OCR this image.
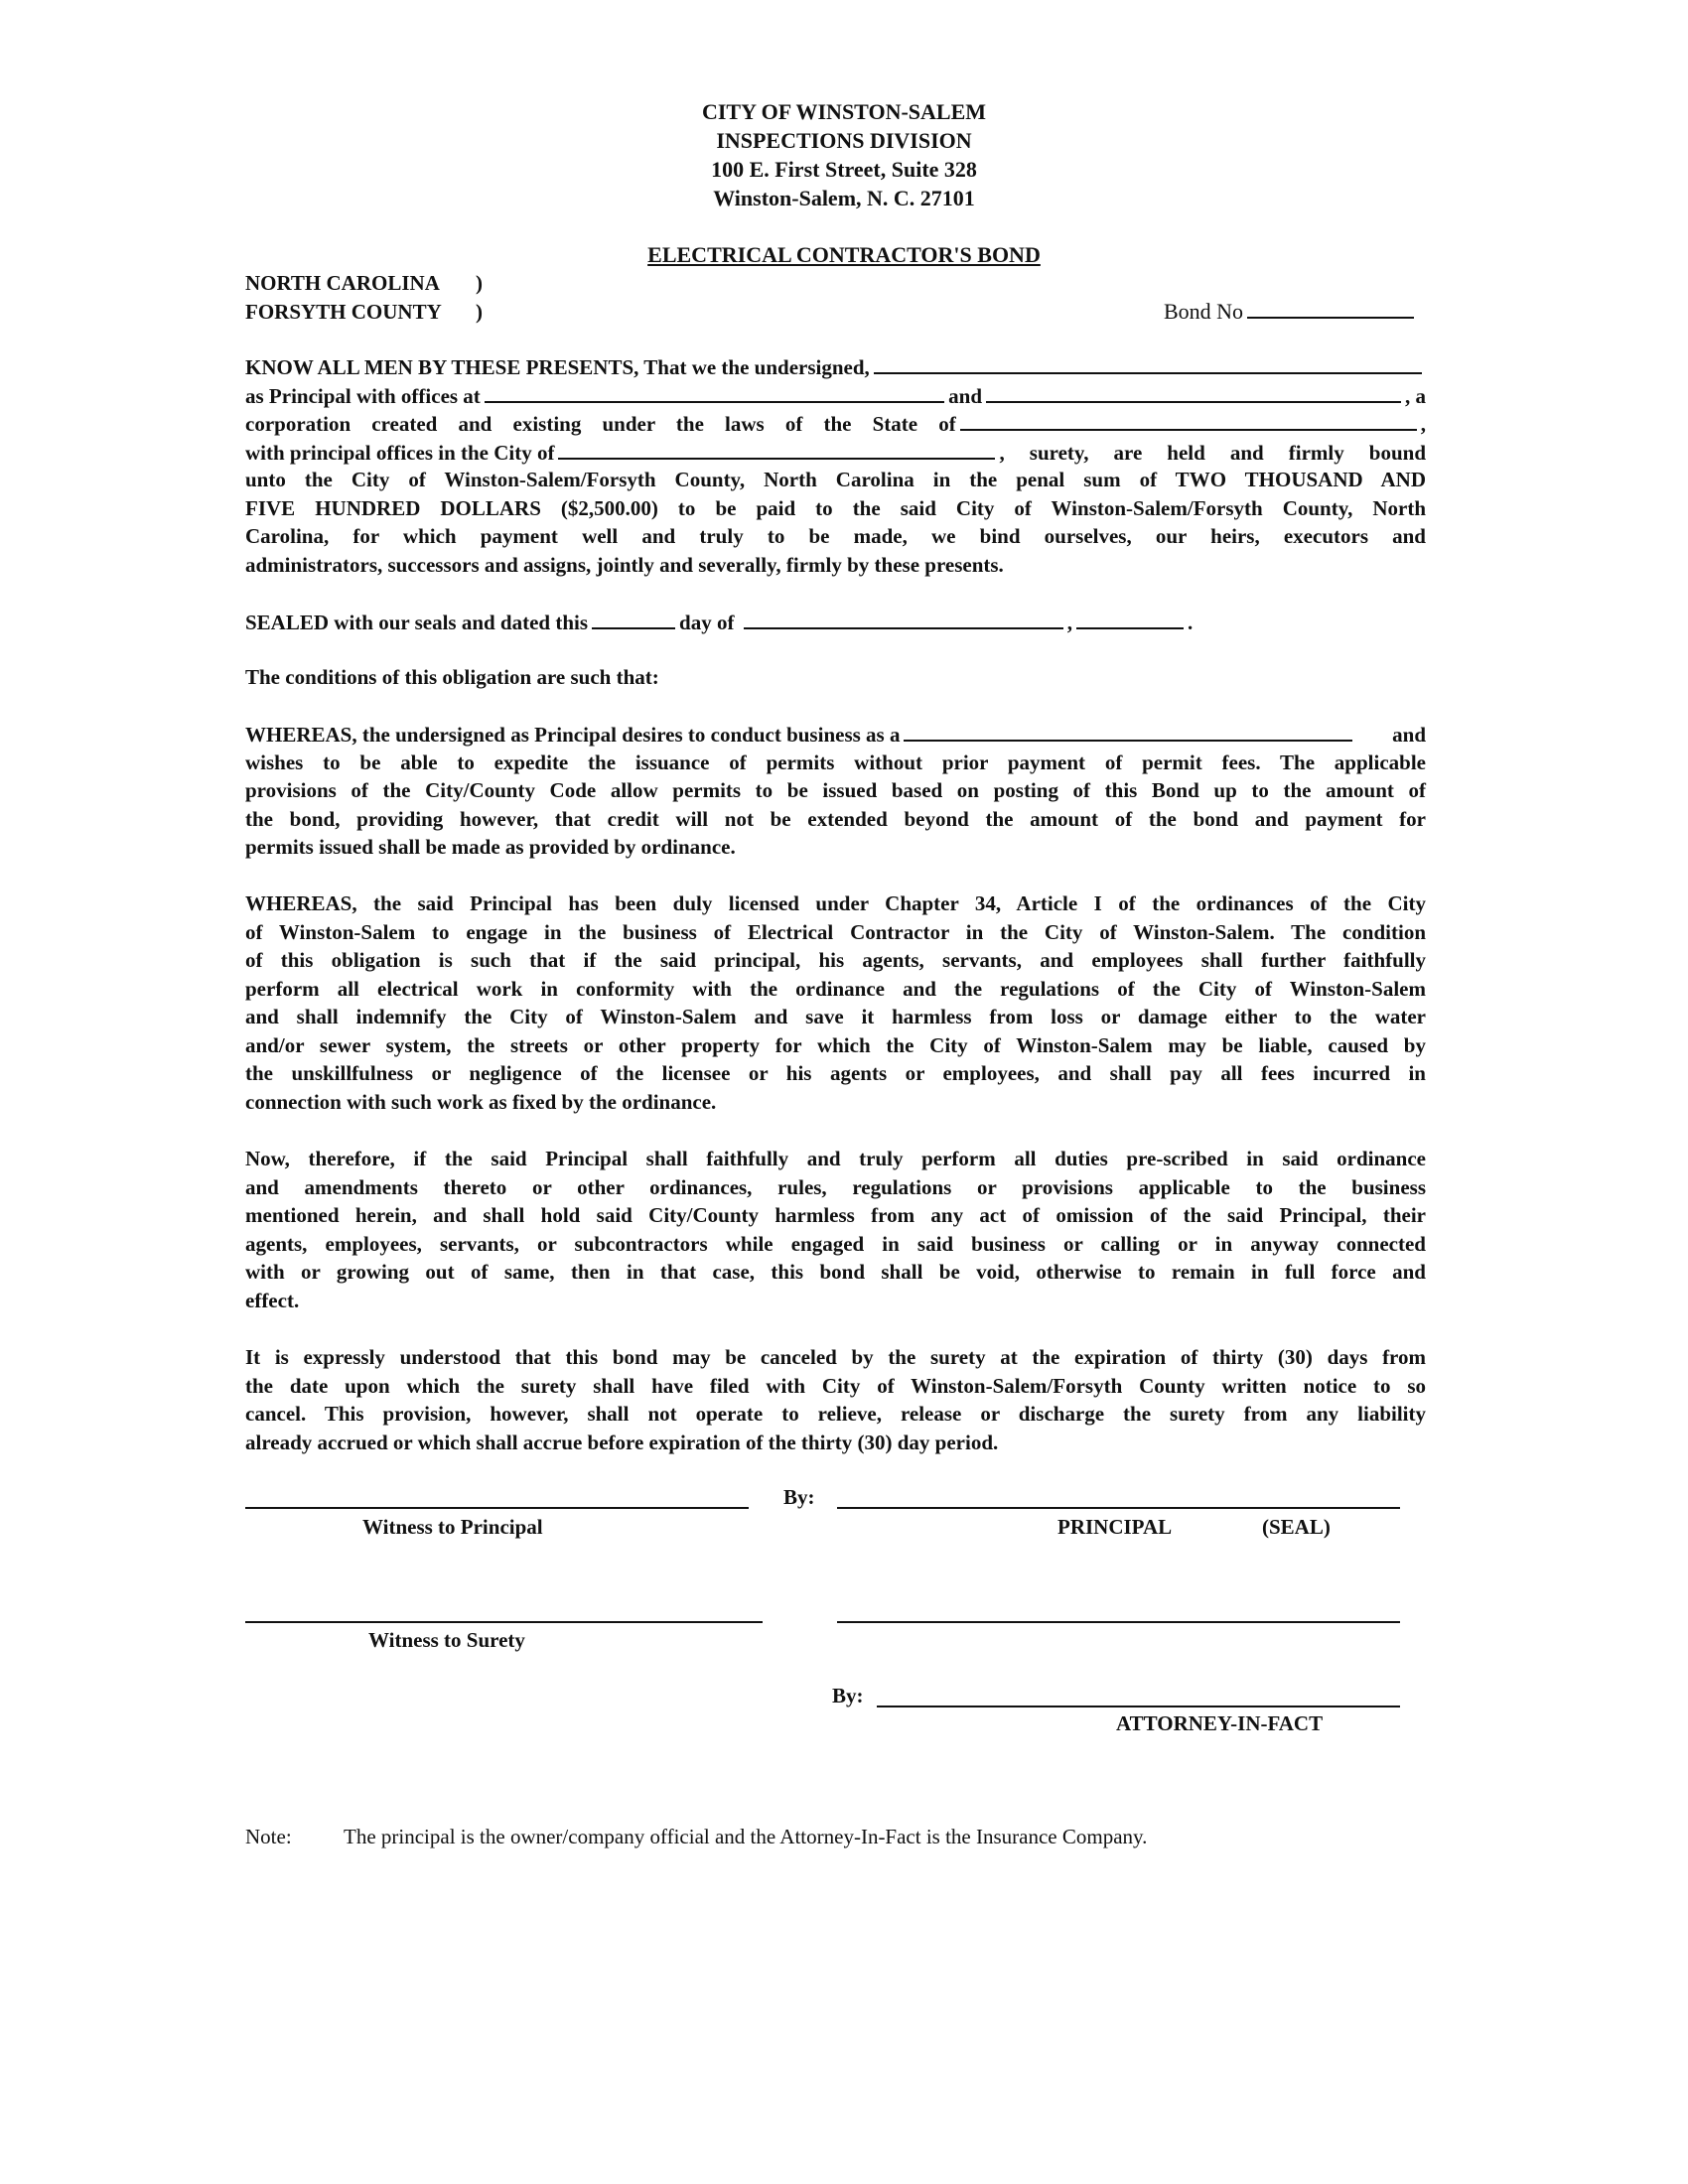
CITY OF WINSTON-SALEM
INSPECTIONS DIVISION
100 E. First Street, Suite 328
Winston-Salem, N. C. 27101
ELECTRICAL CONTRACTOR'S BOND
NORTH CAROLINA )
FORSYTH COUNTY )	Bond No
KNOW ALL MEN BY THESE PRESENTS, That we the undersigned,
as Principal with offices at	and	, a
corporation created and existing under the laws of the State of	,
with principal offices in the City of	, surety, are held and firmly bound
unto the City of Winston-Salem/Forsyth County, North Carolina in the penal sum of TWO THOUSAND AND
FIVE HUNDRED DOLLARS ($2,500.00) to be paid to the said City of Winston-Salem/Forsyth County, North
Carolina, for which payment well and truly to be made, we bind ourselves, our heirs, executors and
administrators, successors and assigns, jointly and severally, firmly by these presents.
SEALED with our seals and dated this	day of	,	.
The conditions of this obligation are such that:
WHEREAS, the undersigned as Principal desires to conduct business as a	and
wishes to be able to expedite the issuance of permits without prior payment of permit fees. The applicable
provisions of the City/County Code allow permits to be issued based on posting of this Bond up to the amount of
the bond, providing however, that credit will not be extended beyond the amount of the bond and payment for
permits issued shall be made as provided by ordinance.
WHEREAS, the said Principal has been duly licensed under Chapter 34, Article I of the ordinances of the City
of Winston-Salem to engage in the business of Electrical Contractor in the City of Winston-Salem. The condition
of this obligation is such that if the said principal, his agents, servants, and employees shall further faithfully
perform all electrical work in conformity with the ordinance and the regulations of the City of Winston-Salem
and shall indemnify the City of Winston-Salem and save it harmless from loss or damage either to the water
and/or sewer system, the streets or other property for which the City of Winston-Salem may be liable, caused by
the unskillfulness or negligence of the licensee or his agents or employees, and shall pay all fees incurred in
connection with such work as fixed by the ordinance.
Now, therefore, if the said Principal shall faithfully and truly perform all duties pre-scribed in said ordinance
and amendments thereto or other ordinances, rules, regulations or provisions applicable to the business
mentioned herein, and shall hold said City/County harmless from any act of omission of the said Principal, their
agents, employees, servants, or subcontractors while engaged in said business or calling or in anyway connected
with or growing out of same, then in that case, this bond shall be void, otherwise to remain in full force and
effect.
It is expressly understood that this bond may be canceled by the surety at the expiration of thirty (30) days from
the date upon which the surety shall have filed with City of Winston-Salem/Forsyth County written notice to so
cancel. This provision, however, shall not operate to relieve, release or discharge the surety from any liability
already accrued or which shall accrue before expiration of the thirty (30) day period.
By:
Witness to Principal	PRINCIPAL	(SEAL)
Witness to Surety
By:
ATTORNEY-IN-FACT
Note: The principal is the owner/company official and the Attorney-In-Fact is the Insurance Company.
